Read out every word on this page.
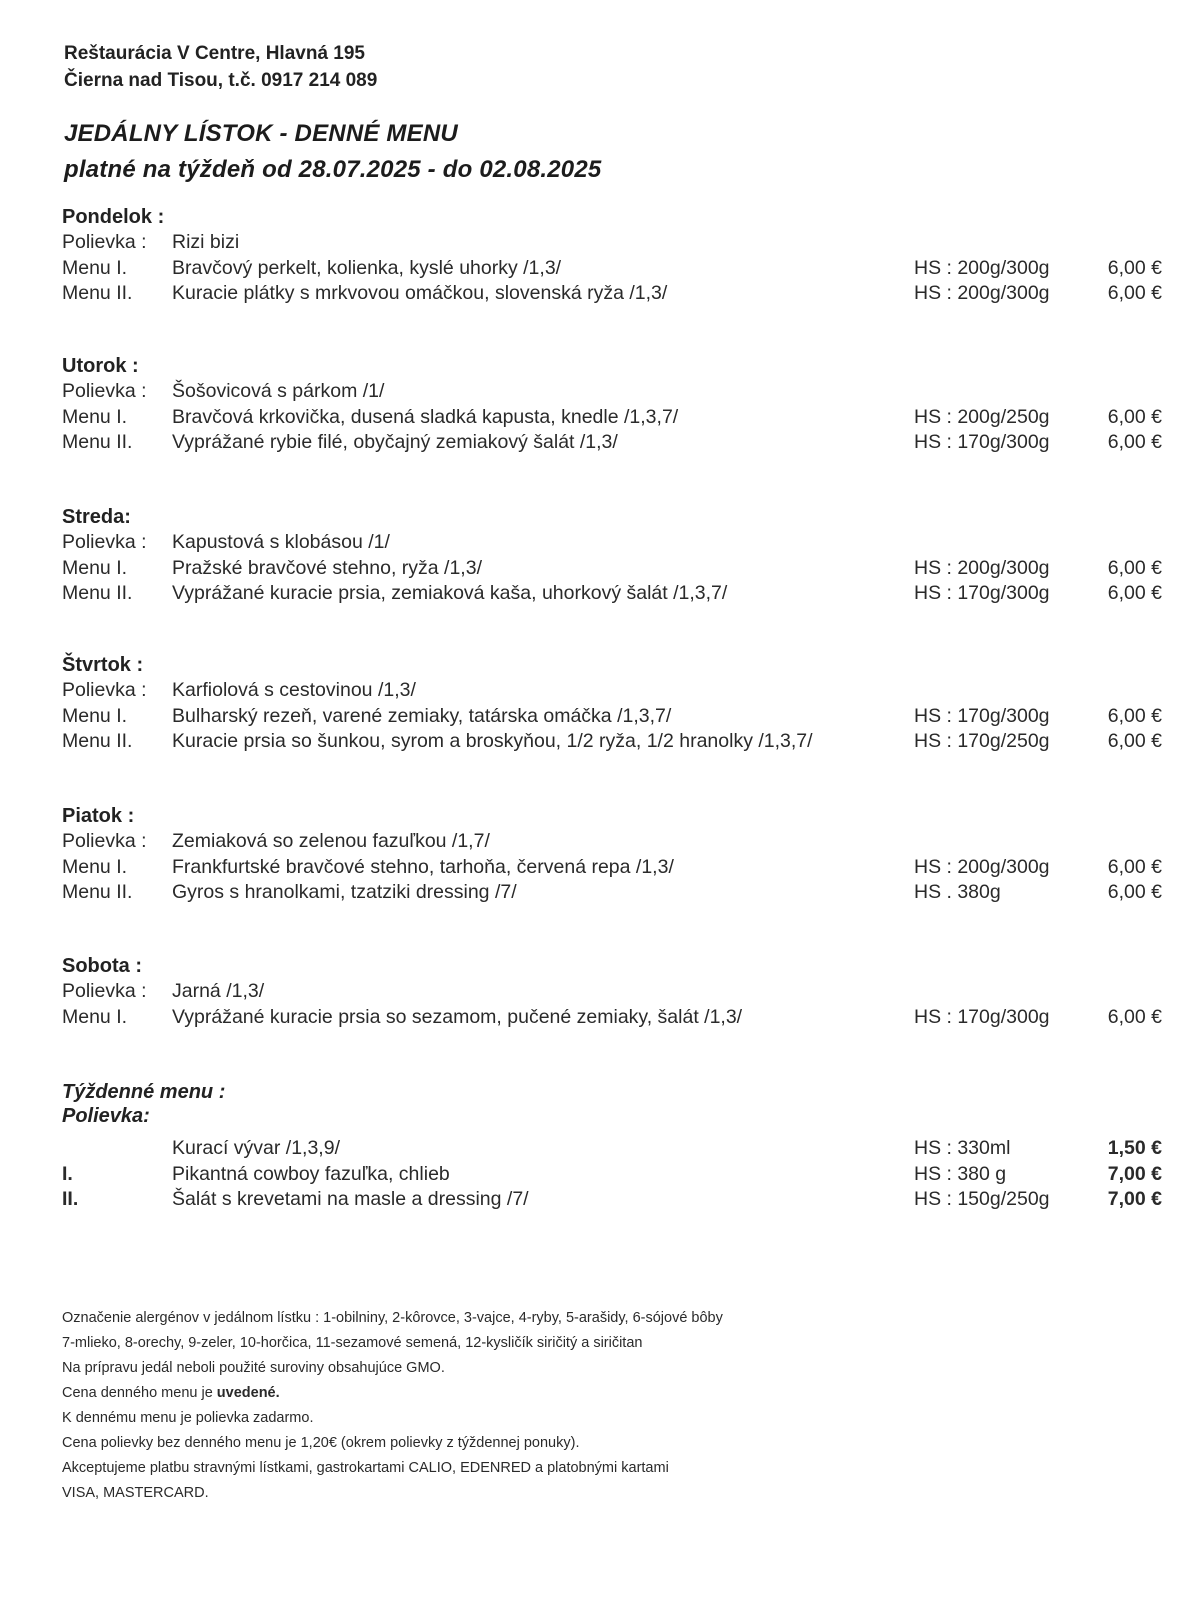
Reštaurácia V Centre, Hlavná 195
Čierna nad Tisou, t.č. 0917 214 089
JEDÁLNY LÍSTOK - DENNÉ MENU
platné na týždeň od 28.07.2025 - do 02.08.2025
Pondelok :
Polievka : Rizi bizi
Menu I. Bravčový perkelt, kolienka, kyslé uhorky /1,3/	HS : 200g/300g	6,00 €
Menu II. Kuracie plátky s mrkvovou omáčkou, slovenská ryža /1,3/	HS : 200g/300g	6,00 €
Utorok :
Polievka : Šošovicová s párkom /1/
Menu I. Bravčová krkovička, dusená sladká kapusta, knedle /1,3,7/	HS : 200g/250g	6,00 €
Menu II. Vyprážané rybie filé, obyčajný zemiakový šalát /1,3/	HS : 170g/300g	6,00 €
Streda:
Polievka : Kapustová s klobásou /1/
Menu I. Pražské bravčové stehno, ryža /1,3/	HS : 200g/300g	6,00 €
Menu II. Vyprážané kuracie prsia, zemiaková kaša, uhorkový šalát /1,3,7/	HS : 170g/300g	6,00 €
Štvrtok :
Polievka : Karfiolová s cestovinou /1,3/
Menu I. Bulharský rezeň, varené zemiaky, tatárska omáčka /1,3,7/	HS : 170g/300g	6,00 €
Menu II. Kuracie prsia so šunkou, syrom a broskyňou, 1/2 ryža, 1/2 hranolky /1,3,7/	HS : 170g/250g	6,00 €
Piatok :
Polievka : Zemiaková so zelenou fazuľkou /1,7/
Menu I. Frankfurtské bravčové stehno, tarhoňa, červená repa /1,3/	HS : 200g/300g	6,00 €
Menu II. Gyros s hranolkami, tzatziki dressing /7/	HS . 380g	6,00 €
Sobota :
Polievka : Jarná /1,3/
Menu I. Vyprážané kuracie prsia so sezamom, pučené zemiaky, šalát /1,3/	HS : 170g/300g	6,00 €
Týždenné menu :
Polievka:
Kurací vývar /1,3,9/	HS : 330ml	1,50 €
I.	Pikantná cowboy fazuľka, chlieb	HS : 380 g	7,00 €
II.	Šalát s krevetami na masle a dressing /7/	HS : 150g/250g	7,00 €
Označenie alergénov v jedálnom lístku : 1-obilniny, 2-kôrovce, 3-vajce, 4-ryby, 5-arašidy, 6-sójové bôby
7-mlieko, 8-orechy, 9-zeler, 10-horčica, 11-sezamové semená, 12-kysličík siričitý a siričitan
Na prípravu jedál neboli použité suroviny obsahujúce GMO.
Cena denného menu je uvedené.
K dennému menu je polievka zadarmo.
Cena polievky bez denného menu je 1,20€ (okrem polievky z týždennej ponuky).
Akceptujeme platbu stravnými lístkami, gastrokartami CALIO, EDENRED a platobnými kartami
VISA, MASTERCARD.
